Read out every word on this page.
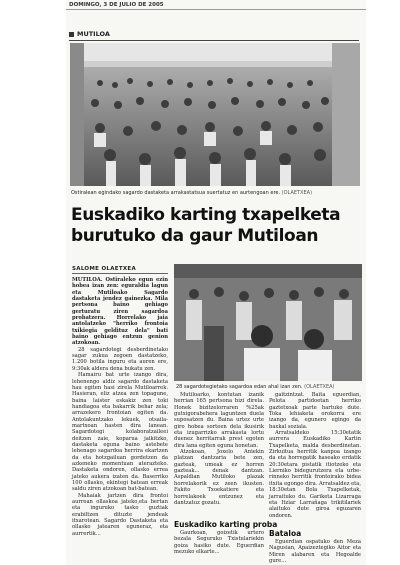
DOMINGO, 3 DE JULIO DE 2005
MUTILOA
Ostiralean egindako sagardo dastaketa arrakastatsua suertatuz en aurtengoan ere. (OLAETXEA)
Euskadiko karting txapelketa
burutuko da gaur Mutiloan
SALOME OLAETXEA

MUTILOA. Ostiraleko egun ezin hobea izan zen: eguraldia lagun eta Mutiloako Sagardo dastaketa jendez gainezka. Mila pertsona baino gehiago gerturatu ziren sagardoa probatzera. Horrelako jaia antolatzeko "herriko frontoia txikiegia geldituz dela" bati baino gehiago entzun genion atzokoan.

28 sagardotegi desberdinetako sagar zukua zegoen dastatzeko, 1.200 botila inguru eta auren ere, 9:30ak aldera dena bukatu zen.

Hamairu bat urte izango dira, lehenengo aldiz sagardo dastaketa hau egiten hasi zirela Mutiloarrek. Hasieran, eliz atzea zen topagune, baina laister eskakiz zen toki handiagoa eta bakarrik behar zela; arrazekero frontoian egiten da. Antolakuntzako lekuek, otsaila-martxoan hasten dira lanean. Sagardotegi kolaboratzaileei deitzen zaie, koparua jaikitzko, dastaketa eguna baino astebete lehenago sagardoa herrira ekartzen da eta hotzgailuan gordetzen da azkeneko momentuan aterazteko. Dastaketa ondoren, ollasko errea jateko aukera izaten da. Baserriko 100 ollasko, ekintegi batean erreak saldu ziren atzokoan bat-batean.

Mahaiak jartzen dira frontoi aurrean ollaskoa jateko,eta bertan eta inguruko tasko guztiak erabiltzen dituzte jendeak itxarotean. Sagardo Dastaketa eta ollasko jatearen eguneraz, eta aurrertik...

28 sagardotegietako sagardoa edan ahal izan zen. (OLAETXEA)

Mutiloarko, kontutan izanik herrian 165 pertsona bizi direla. Honek bizitzelorraren %25ak gutxigorabehera laguntzen duela suposatzen du. Baina urtez urte giro hobea sorteen dela ikusirik eta izugarrizko arrakasta lortu duenez herritarrak prest egoten dira lana egiten eguna honetan.

Atzokoan, Joxelo Aniekin platzan dantzaria bete zen, gazteak, umeak ez horren gazteak... denak dantzan. Aspaldian Mutiloko plazak horrelakorik ez zeen ikusten. Fakito Txoekatiere eta horrelakoek entzunez eta dantzatuz gozatu.

gaitzintzat. Baita eguerdian, Pelota partidoetan herriko gaztetxoak parte hartuko dute. Toka lehiaketa orokorra ere izango da, egunero egingo da baxkal soziala.

Arratsaldeko 15:30etatik aurrera Euskadiko Kartin Txapelketa, malda desberdinetan. Zirkuitua herritik kanpoa izango da eta horregatik haseako erdatik 20:30etara pistatik itiotzeko eta Lierniko bidegurutzera eta urbe-rinneko herritik frontoirako bidea itxita egongo dira. Arratsaldez eta, 18:30etan Bola Txapelketak, jarraituko du. Gariketa Lizarraga eta Itziar Larrañaga trikitilariek alaituko dute giroa eguzaren ondoren.

Euskadiko karting proba

Gaurkoan, goizetik urtero bezala Seguruko Txistulariekin goiza hasiko dute. Eguerdian mezuko elkarte...

Bataloa

Eguerdian ospatuko den Meza Nagusian, Apaizeztegiko Aitor eta Miren alabaren eta Hegoalde gure...
